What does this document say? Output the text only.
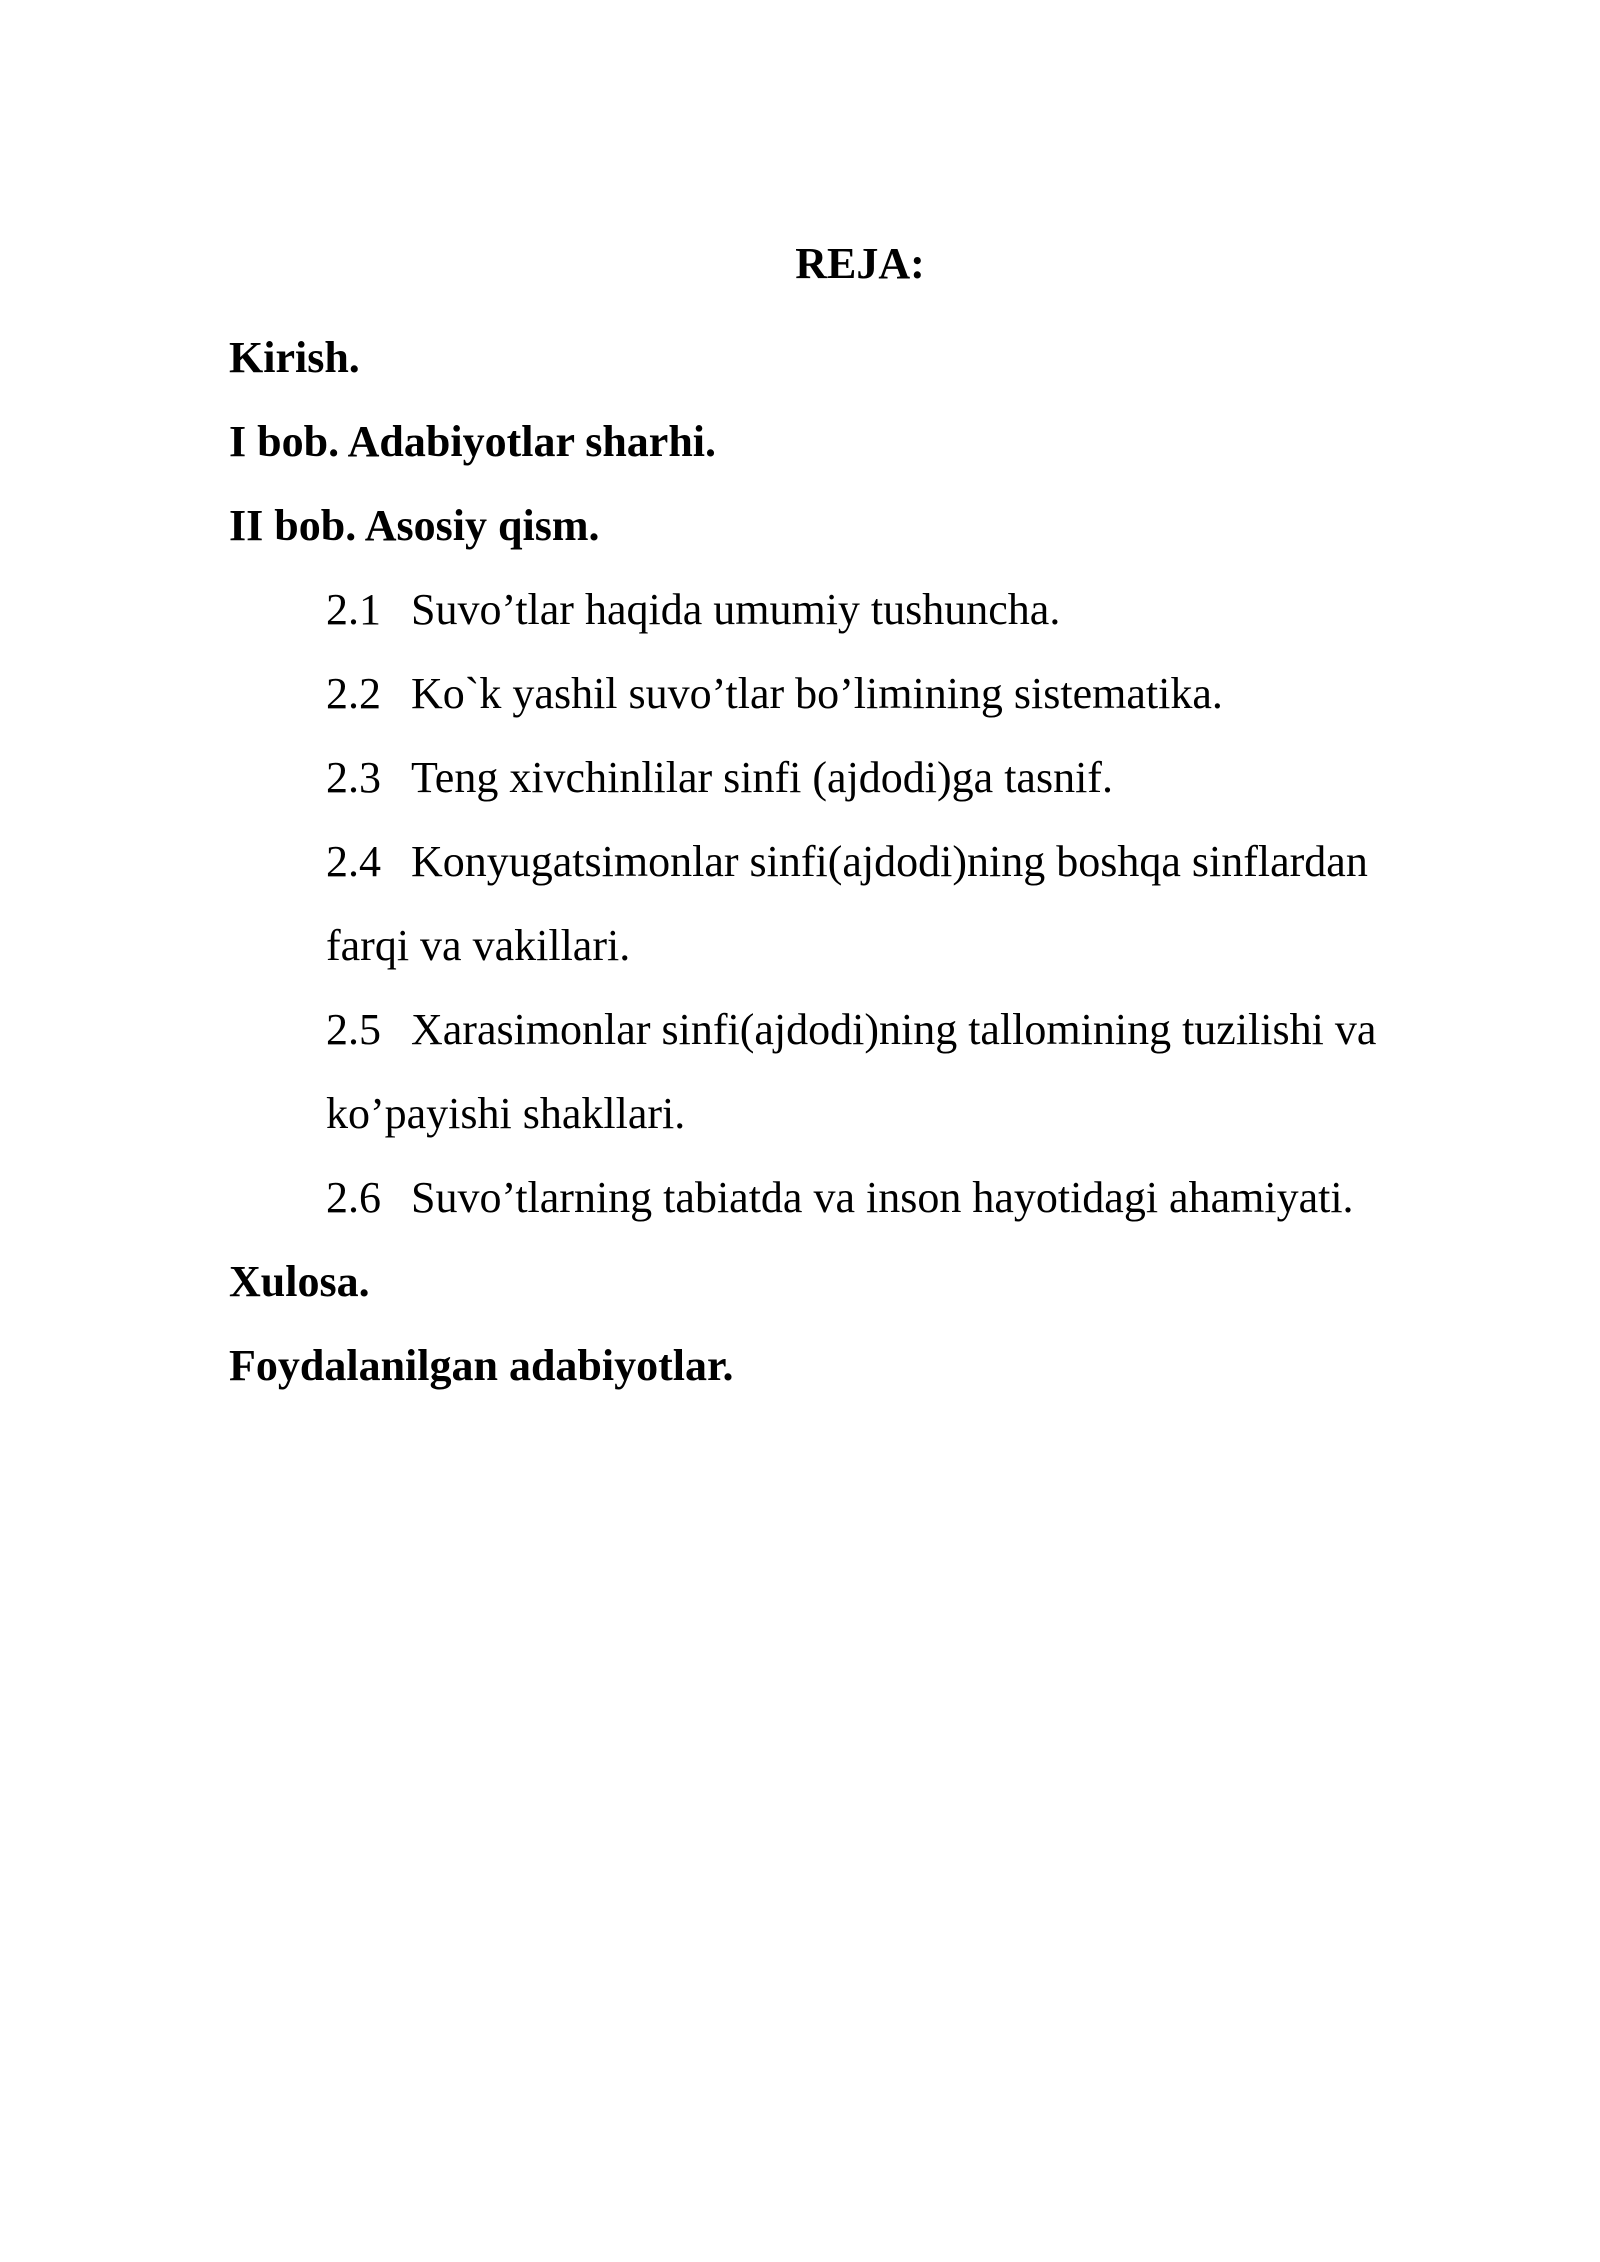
REJA:
Kirish.
I bob. Adabiyotlar sharhi.
II bob. Asosiy qism.
2.1 Suvo’tlar haqida umumiy tushuncha.
2.2 Ko`k yashil suvo’tlar bo’limining sistematika.
2.3 Teng xivchinlilar sinfi (ajdodi)ga tasnif.
2.4 Konyugatsimonlar sinfi(ajdodi)ning boshqa sinflardan
farqi va vakillari.
2.5 Xarasimonlar sinfi(ajdodi)ning tallomining tuzilishi va
ko’payishi shakllari.
2.6 Suvo’tlarning tabiatda va inson hayotidagi ahamiyati.
Xulosa.
Foydalanilgan adabiyotlar.
